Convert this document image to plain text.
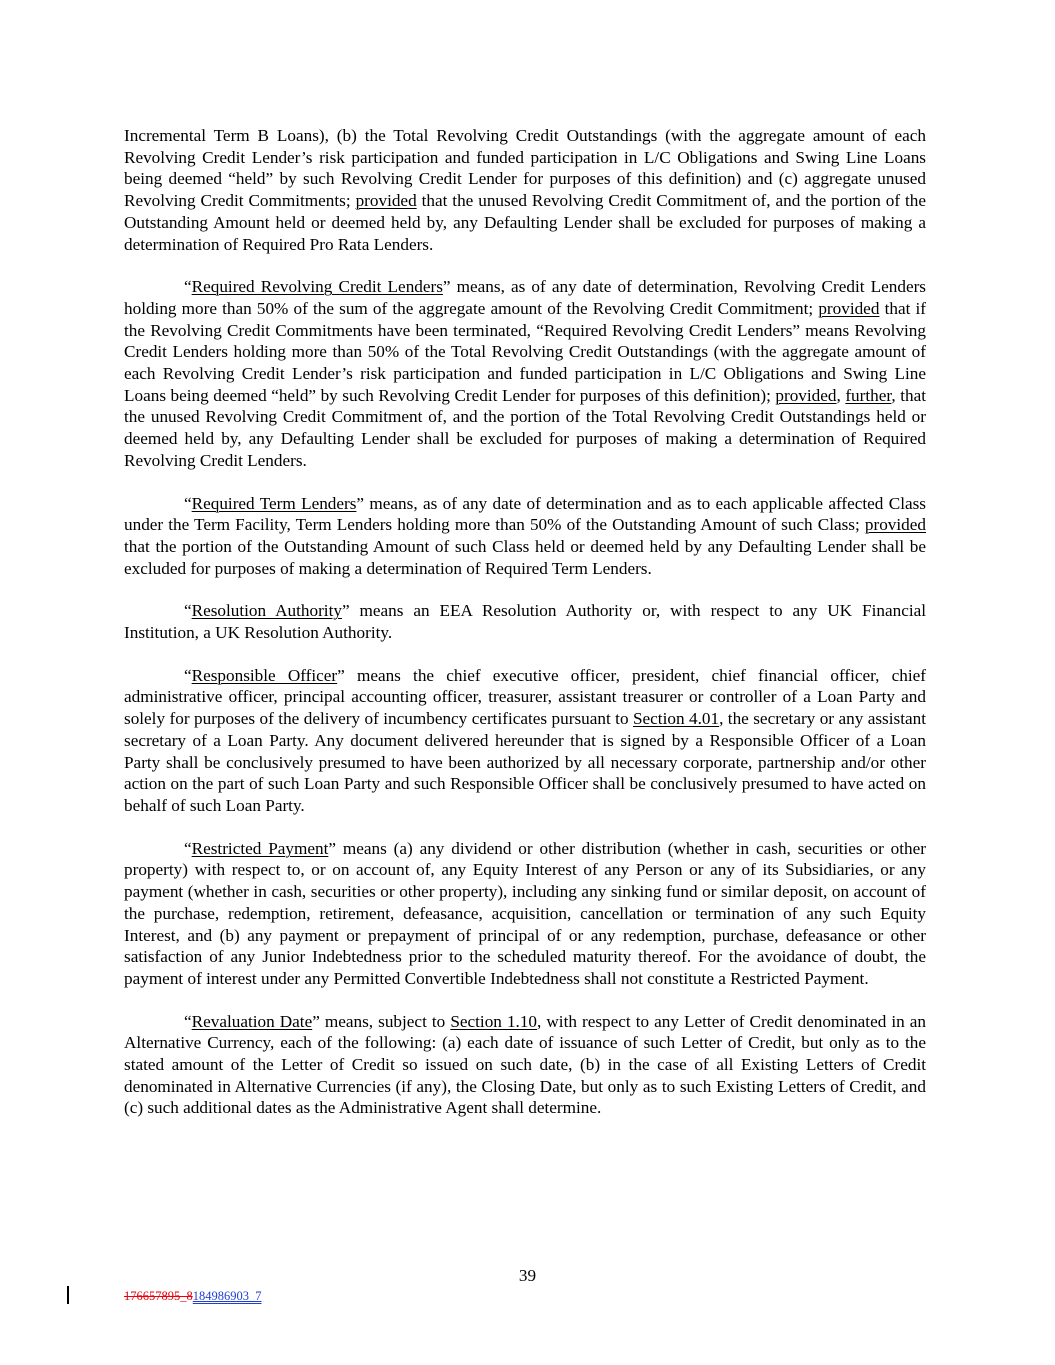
Incremental Term B Loans), (b) the Total Revolving Credit Outstandings (with the aggregate amount of each Revolving Credit Lender’s risk participation and funded participation in L/C Obligations and Swing Line Loans being deemed “held” by such Revolving Credit Lender for purposes of this definition) and (c) aggregate unused Revolving Credit Commitments; provided that the unused Revolving Credit Commitment of, and the portion of the Outstanding Amount held or deemed held by, any Defaulting Lender shall be excluded for purposes of making a determination of Required Pro Rata Lenders.

“Required Revolving Credit Lenders” means, as of any date of determination, Revolving Credit Lenders holding more than 50% of the sum of the aggregate amount of the Revolving Credit Commitment; provided that if the Revolving Credit Commitments have been terminated, “Required Revolving Credit Lenders” means Revolving Credit Lenders holding more than 50% of the Total Revolving Credit Outstandings (with the aggregate amount of each Revolving Credit Lender’s risk participation and funded participation in L/C Obligations and Swing Line Loans being deemed “held” by such Revolving Credit Lender for purposes of this definition); provided, further, that the unused Revolving Credit Commitment of, and the portion of the Total Revolving Credit Outstandings held or deemed held by, any Defaulting Lender shall be excluded for purposes of making a determination of Required Revolving Credit Lenders.

“Required Term Lenders” means, as of any date of determination and as to each applicable affected Class under the Term Facility, Term Lenders holding more than 50% of the Outstanding Amount of such Class; provided that the portion of the Outstanding Amount of such Class held or deemed held by any Defaulting Lender shall be excluded for purposes of making a determination of Required Term Lenders.

“Resolution Authority” means an EEA Resolution Authority or, with respect to any UK Financial Institution, a UK Resolution Authority.

“Responsible Officer” means the chief executive officer, president, chief financial officer, chief administrative officer, principal accounting officer, treasurer, assistant treasurer or controller of a Loan Party and solely for purposes of the delivery of incumbency certificates pursuant to Section 4.01, the secretary or any assistant secretary of a Loan Party. Any document delivered hereunder that is signed by a Responsible Officer of a Loan Party shall be conclusively presumed to have been authorized by all necessary corporate, partnership and/or other action on the part of such Loan Party and such Responsible Officer shall be conclusively presumed to have acted on behalf of such Loan Party.

“Restricted Payment” means (a) any dividend or other distribution (whether in cash, securities or other property) with respect to, or on account of, any Equity Interest of any Person or any of its Subsidiaries, or any payment (whether in cash, securities or other property), including any sinking fund or similar deposit, on account of the purchase, redemption, retirement, defeasance, acquisition, cancellation or termination of any such Equity Interest, and (b) any payment or prepayment of principal of or any redemption, purchase, defeasance or other satisfaction of any Junior Indebtedness prior to the scheduled maturity thereof. For the avoidance of doubt, the payment of interest under any Permitted Convertible Indebtedness shall not constitute a Restricted Payment.

“Revaluation Date” means, subject to Section 1.10, with respect to any Letter of Credit denominated in an Alternative Currency, each of the following: (a) each date of issuance of such Letter of Credit, but only as to the stated amount of the Letter of Credit so issued on such date, (b) in the case of all Existing Letters of Credit denominated in Alternative Currencies (if any), the Closing Date, but only as to such Existing Letters of Credit, and (c) such additional dates as the Administrative Agent shall determine.

39
176657895_8184986903_7
